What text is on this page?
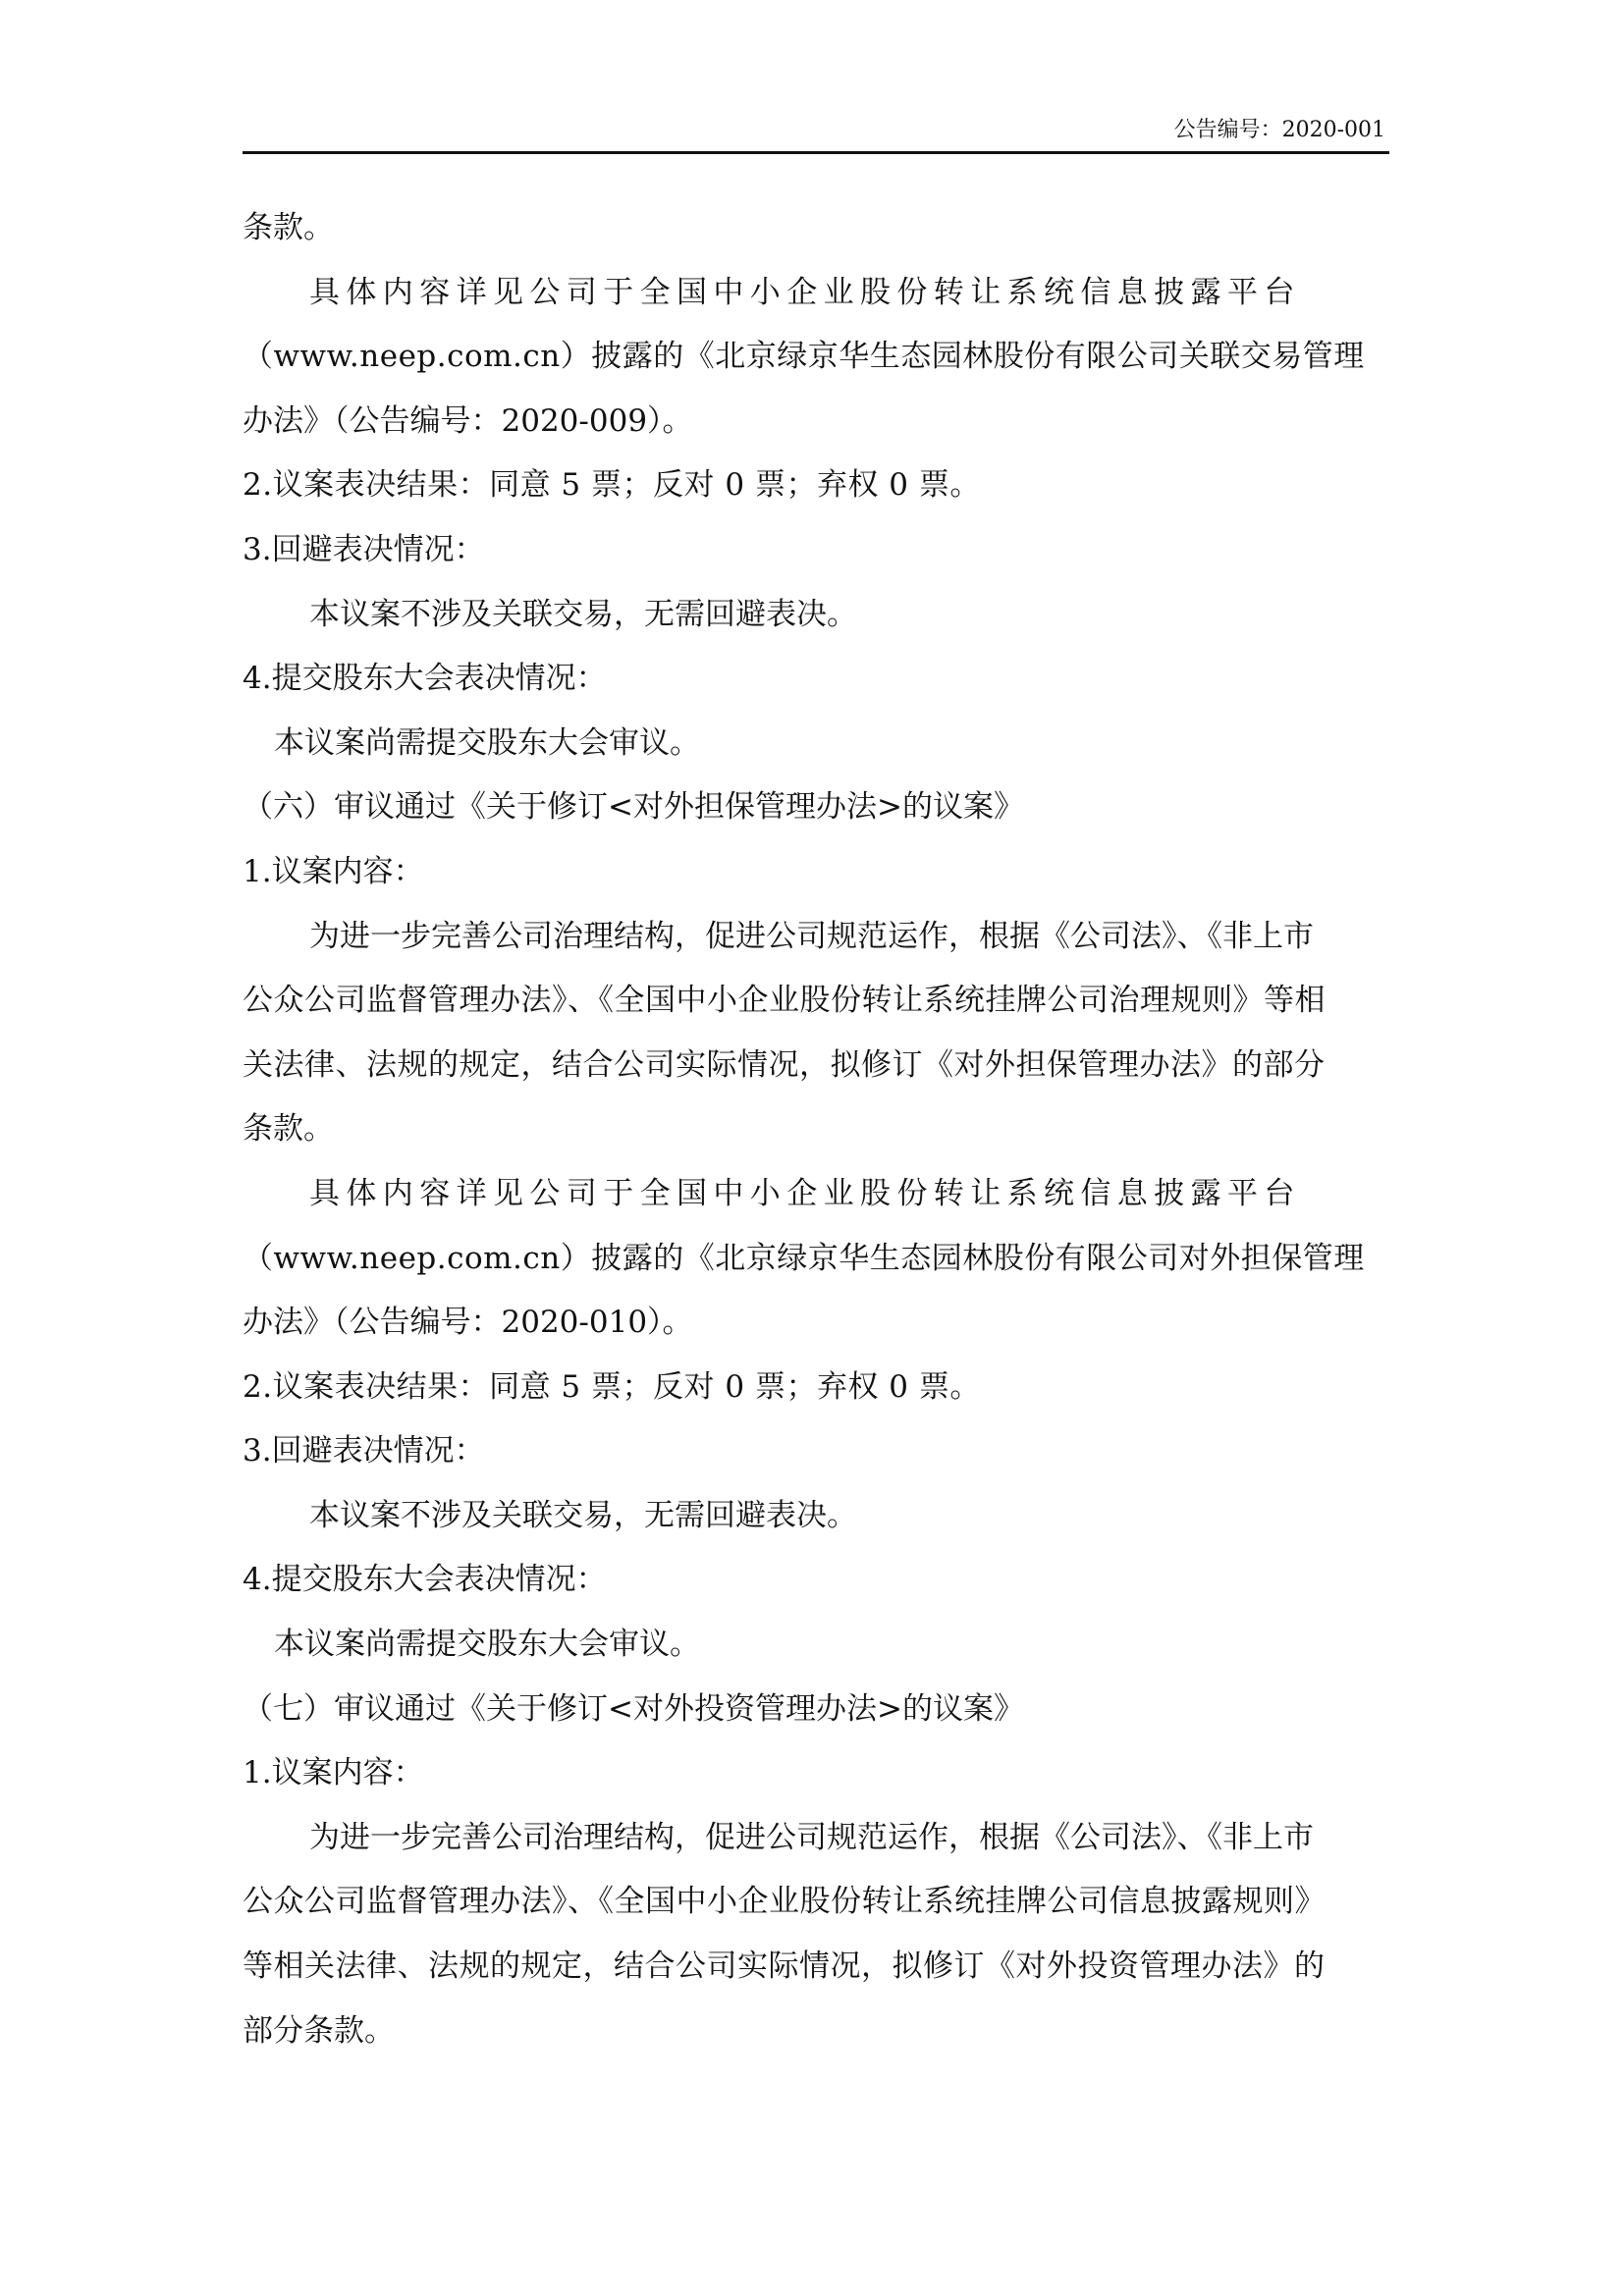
公告编号：2020-001
条款。
具体内容详见公司于全国中小企业股份转让系统信息披露平台
（www.neep.com.cn）披露的《北京绿京华生态园林股份有限公司关联交易管理
办法》（公告编号：2020-009）。
2.议案表决结果：同意 5 票；反对 0 票；弃权 0 票。
3.回避表决情况：
本议案不涉及关联交易，无需回避表决。
4.提交股东大会表决情况：
本议案尚需提交股东大会审议。
（六）审议通过《关于修订<对外担保管理办法>的议案》
1.议案内容：
为进一步完善公司治理结构，促进公司规范运作，根据《公司法》、《非上市
公众公司监督管理办法》、《全国中小企业股份转让系统挂牌公司治理规则》等相
关法律、法规的规定，结合公司实际情况，拟修订《对外担保管理办法》的部分
条款。
具体内容详见公司于全国中小企业股份转让系统信息披露平台
（www.neep.com.cn）披露的《北京绿京华生态园林股份有限公司对外担保管理
办法》（公告编号：2020-010）。
2.议案表决结果：同意 5 票；反对 0 票；弃权 0 票。
3.回避表决情况：
本议案不涉及关联交易，无需回避表决。
4.提交股东大会表决情况：
本议案尚需提交股东大会审议。
（七）审议通过《关于修订<对外投资管理办法>的议案》
1.议案内容：
为进一步完善公司治理结构，促进公司规范运作，根据《公司法》、《非上市
公众公司监督管理办法》、《全国中小企业股份转让系统挂牌公司信息披露规则》
等相关法律、法规的规定，结合公司实际情况，拟修订《对外投资管理办法》的
部分条款。
